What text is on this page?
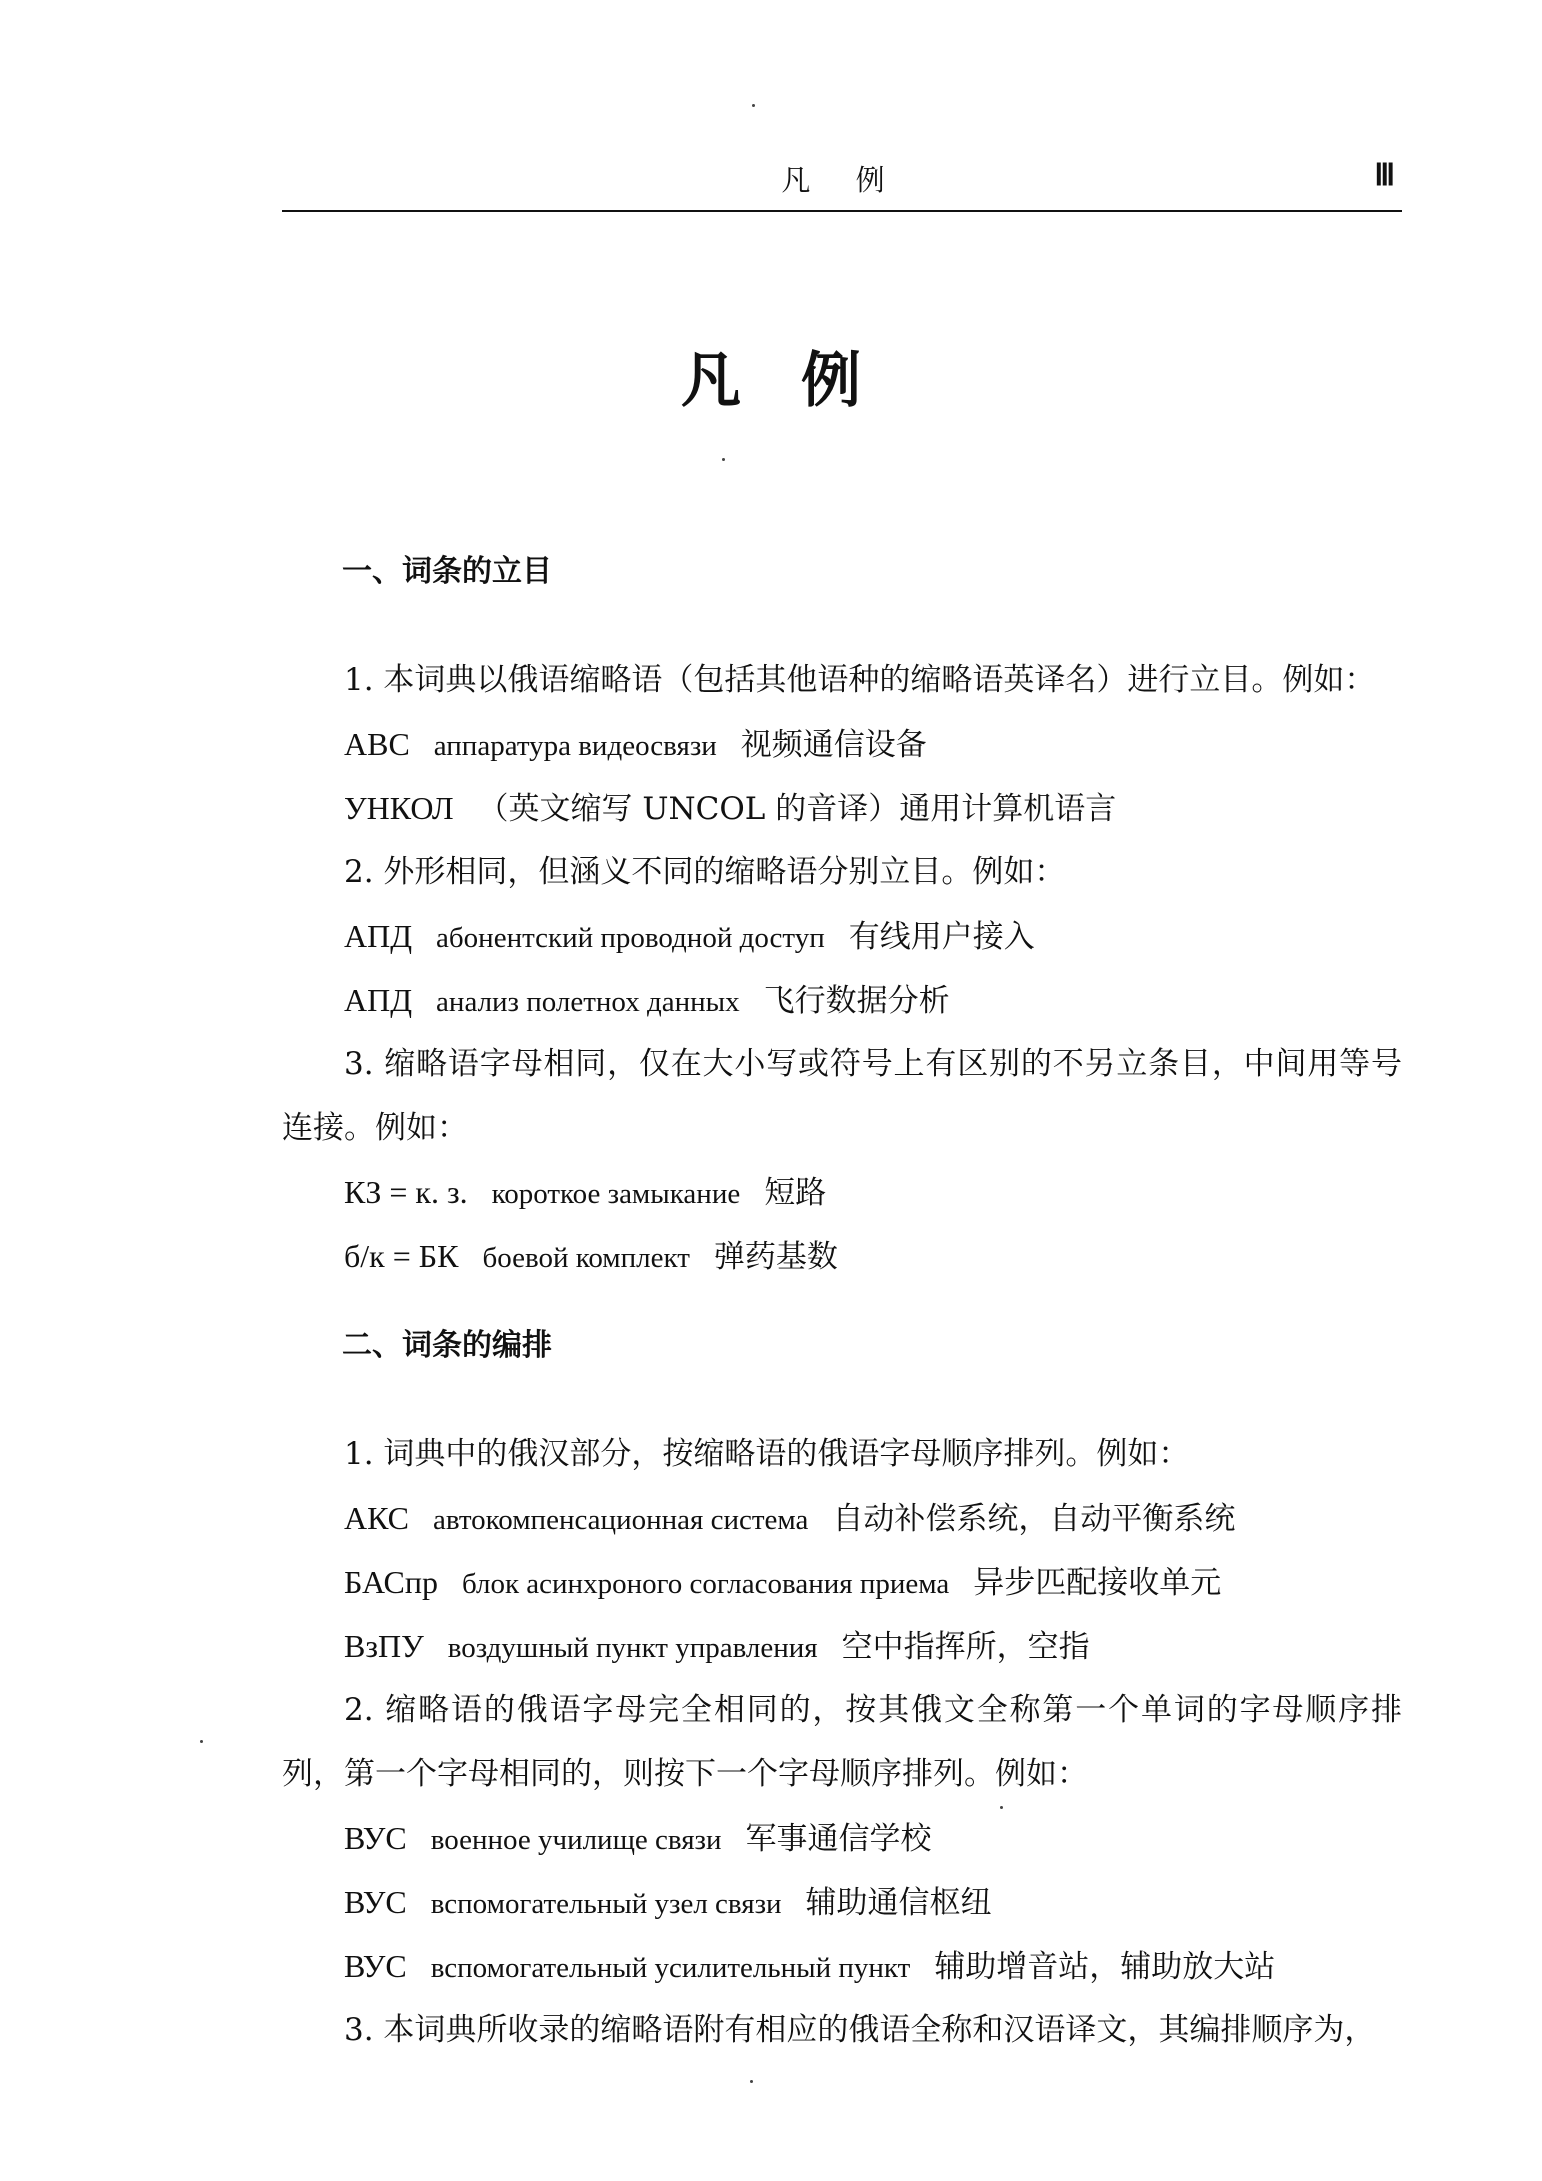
凡 例	Ⅲ
凡例
一、词条的立目
1. 本词典以俄语缩略语（包括其他语种的缩略语英译名）进行立目。例如：
АВС аппаратура видеосвязи 视频通信设备
УНКОЛ （英文缩写 UNCOL 的音译）通用计算机语言
2. 外形相同，但涵义不同的缩略语分别立目。例如：
АПД абонентский проводной доступ 有线用户接入
АПД анализ полетнох данных 飞行数据分析
3. 缩略语字母相同，仅在大小写或符号上有区别的不另立条目，中间用等号连接。例如：
КЗ = к. з. короткое замыкание 短路
б/к = БК боевой комплект 弹药基数
二、词条的编排
1. 词典中的俄汉部分，按缩略语的俄语字母顺序排列。例如：
АКС автокомпенсационная система 自动补偿系统，自动平衡系统
БАСпр блок асинхроного согласования приема 异步匹配接收单元
ВзПУ воздушный пункт управления 空中指挥所，空指
2. 缩略语的俄语字母完全相同的，按其俄文全称第一个单词的字母顺序排列，第一个字母相同的，则按下一个字母顺序排列。例如：
ВУС военное училище связи 军事通信学校
ВУС вспомогательный узел связи 辅助通信枢纽
ВУС вспомогательный усилительный пункт 辅助增音站，辅助放大站
3. 本词典所收录的缩略语附有相应的俄语全称和汉语译文，其编排顺序为，
